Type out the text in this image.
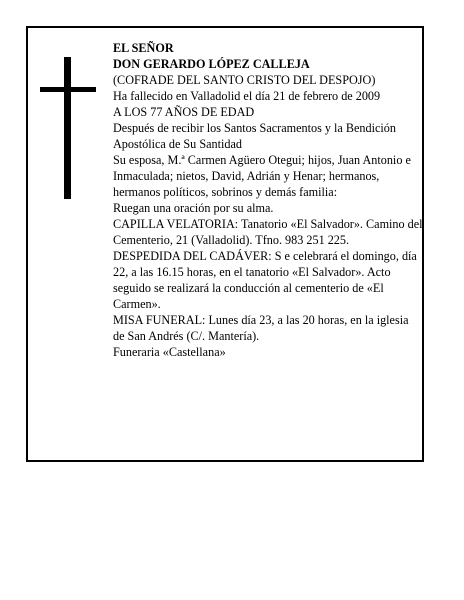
EL SEÑOR

DON GERARDO LÓPEZ CALLEJA

(COFRADE DEL SANTO CRISTO DEL DESPOJO)

Ha fallecido en Valladolid el día 21 de febrero de 2009

A LOS 77 AÑOS DE EDAD

Después de recibir los Santos Sacramentos y la Bendición Apostólica de Su Santidad

Su esposa, M.ª Carmen Agüero Otegui; hijos, Juan Antonio e Inmaculada; nietos, David, Adrián y Henar; hermanos, hermanos políticos, sobrinos y demás familia:

Ruegan una oración por su alma.

CAPILLA VELATORIA: Tanatorio «El Salvador». Camino del Cementerio, 21 (Valladolid). Tfno. 983 251 225.

DESPEDIDA DEL CADÁVER: S e celebrará el domingo, día 22, a las 16.15 horas, en el tanatorio «El Salvador». Acto seguido se realizará la conducción al cementerio de «El Carmen».

MISA FUNERAL: Lunes día 23, a las 20 horas, en la iglesia de San Andrés (C/. Mantería).

Funeraria «Castellana»
